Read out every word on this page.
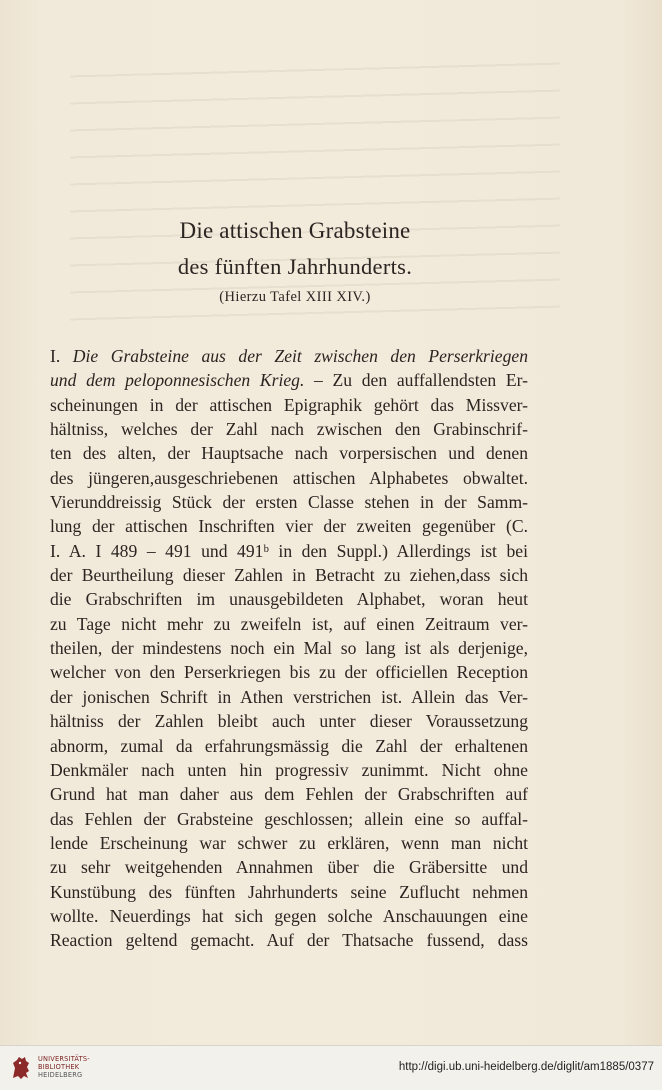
Die attischen Grabsteine
des fünften Jahrhunderts.
(Hierzu Tafel XIII XIV.)
I. Die Grabsteine aus der Zeit zwischen den Perserkriegen
und dem peloponnesischen Krieg. – Zu den auffallendsten Er-
scheinungen in der attischen Epigraphik gehört das Missver-
hältniss, welches der Zahl nach zwischen den Grabinschrif-
ten des alten, der Hauptsache nach vorpersischen und denen
des jüngeren,ausgeschriebenen attischen Alphabetes obwaltet.
Vierunddreissig Stück der ersten Classe stehen in der Samm-
lung der attischen Inschriften vier der zweiten gegenüber (C.
I. A. I 489 – 491 und 491ᵇ in den Suppl.) Allerdings ist bei
der Beurtheilung dieser Zahlen in Betracht zu ziehen,dass sich
die Grabschriften im unausgebildeten Alphabet, woran heut
zu Tage nicht mehr zu zweifeln ist, auf einen Zeitraum ver-
theilen, der mindestens noch ein Mal so lang ist als derjenige,
welcher von den Perserkriegen bis zu der officiellen Reception
der jonischen Schrift in Athen verstrichen ist. Allein das Ver-
hältniss der Zahlen bleibt auch unter dieser Voraussetzung
abnorm, zumal da erfahrungsmässig die Zahl der erhaltenen
Denkmäler nach unten hin progressiv zunimmt. Nicht ohne
Grund hat man daher aus dem Fehlen der Grabschriften auf
das Fehlen der Grabsteine geschlossen; allein eine so auffal-
lende Erscheinung war schwer zu erklären, wenn man nicht
zu sehr weitgehenden Annahmen über die Gräbersitte und
Kunstübung des fünften Jahrhunderts seine Zuflucht nehmen
wollte. Neuerdings hat sich gegen solche Anschauungen eine
Reaction geltend gemacht. Auf der Thatsache fussend, dass
UNIVERSITÄTS-
BIBLIOTHEK
HEIDELBERG
http://digi.ub.uni-heidelberg.de/diglit/am1885/0377
